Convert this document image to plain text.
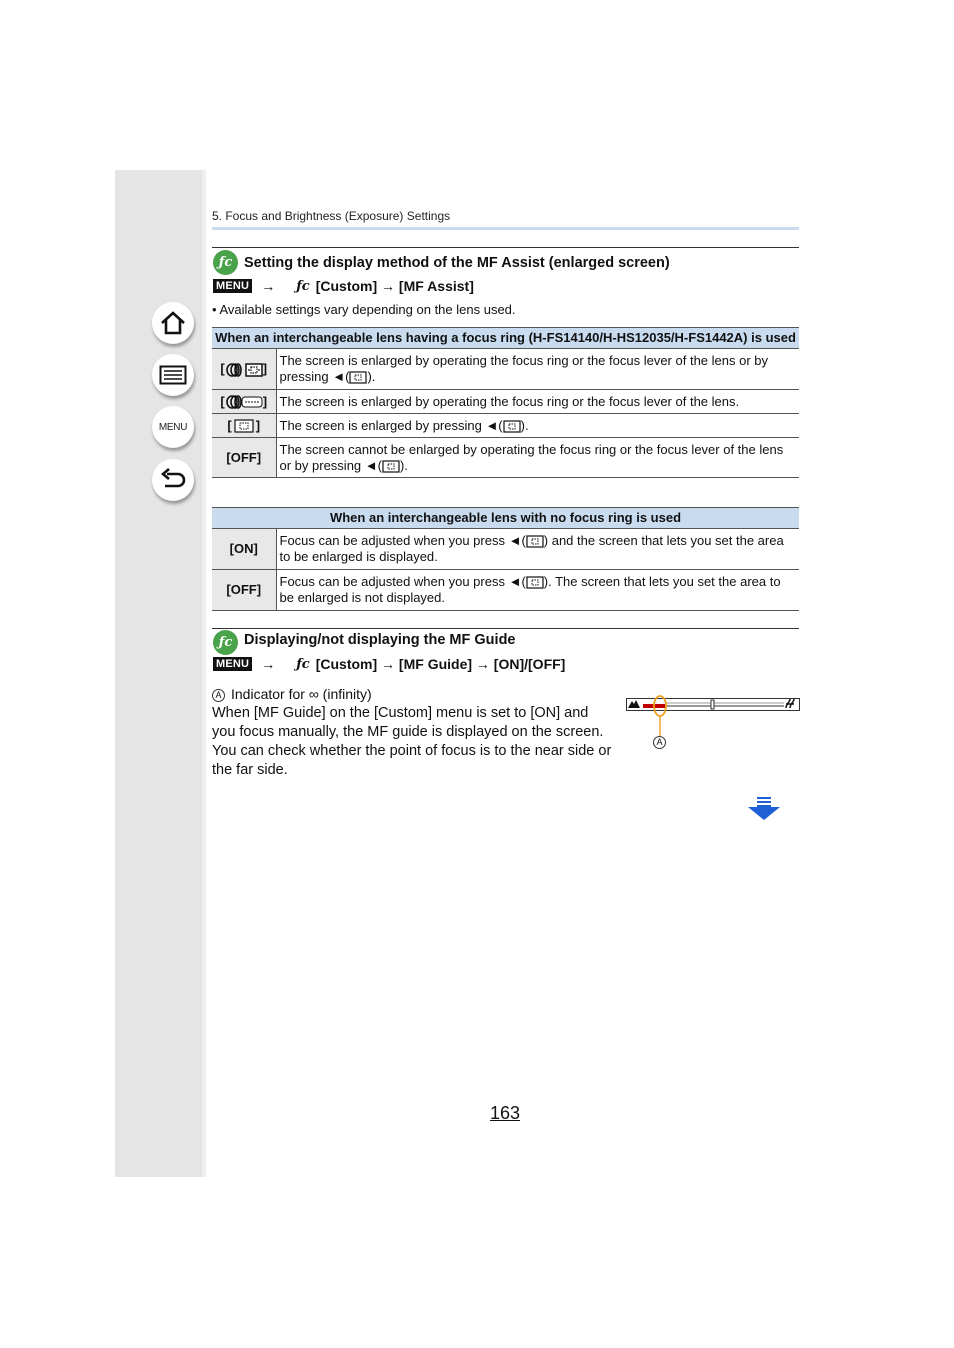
MENU
5. Focus and Brightness (Exposure) Settings
ƒc Setting the display method of the MF Assist (enlarged screen)
MENU → ƒc [Custom] → [MF Assist]
• Available settings vary depending on the lens used.
When an interchangeable lens having a focus ring (H-FS14140/H-HS12035/H-FS1442A) is used	
[ ]	The screen is enlarged by operating the focus ring or the focus lever of the lens or by pressing ◄( ).
[ ]	The screen is enlarged by operating the focus ring or the focus lever of the lens.
[ ]	The screen is enlarged by pressing ◄( ).
[OFF]	The screen cannot be enlarged by operating the focus ring or the focus lever of the lens or by pressing ◄( ).
When an interchangeable lens with no focus ring is used	
[ON]	Focus can be adjusted when you press ◄( ) and the screen that lets you set the area to be enlarged is displayed.
[OFF]	Focus can be adjusted when you press ◄( ). The screen that lets you set the area to be enlarged is not displayed.
ƒc Displaying/not displaying the MF Guide
MENU → ƒc [Custom] → [MF Guide] → [ON]/[OFF]
A Indicator for ∞ (infinity)
When [MF Guide] on the [Custom] menu is set to [ON] and you focus manually, the MF guide is displayed on the screen. You can check whether the point of focus is to the near side or the far side.
A
163
